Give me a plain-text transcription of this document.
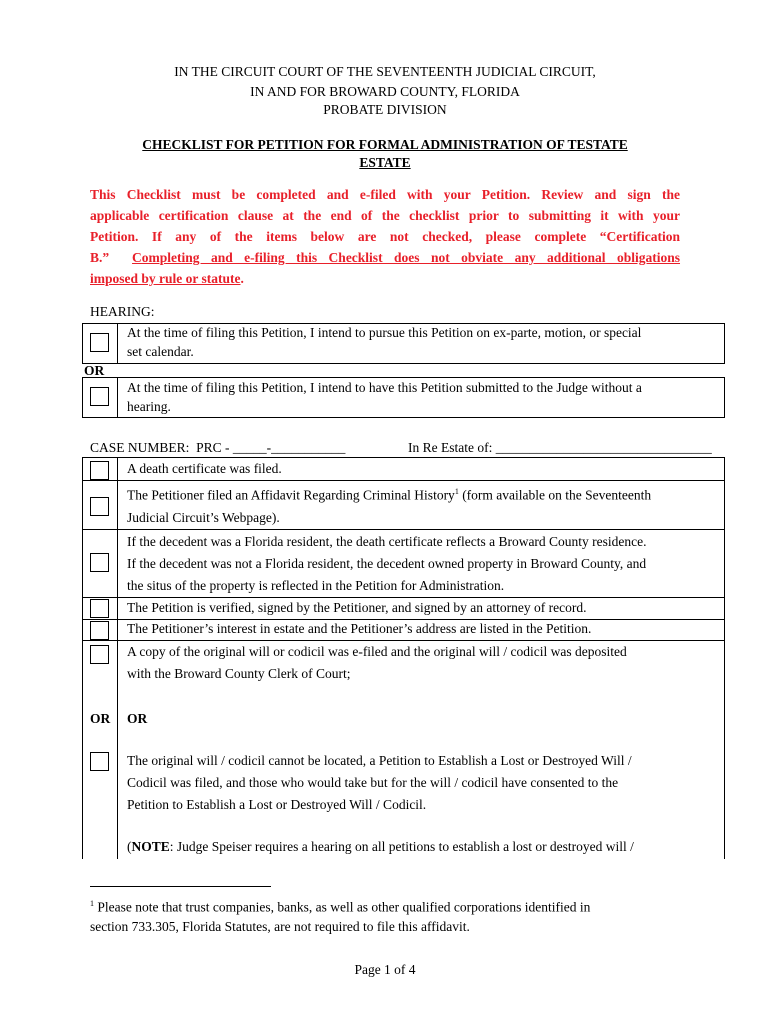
IN THE CIRCUIT COURT OF THE SEVENTEENTH JUDICIAL CIRCUIT,
IN AND FOR BROWARD COUNTY, FLORIDA
PROBATE DIVISION
CHECKLIST FOR PETITION FOR FORMAL ADMINISTRATION OF TESTATE
ESTATE
This Checklist must be completed and e-filed with your Petition. Review and sign the
applicable certification clause at the end of the checklist prior to submitting it with your
Petition. If any of the items below are not checked, please complete “Certification
B.” Completing and e-filing this Checklist does not obviate any additional obligations
imposed by rule or statute.
HEARING:
At the time of filing this Petition, I intend to pursue this Petition on ex-parte, motion, or special
set calendar.
OR
At the time of filing this Petition, I intend to have this Petition submitted to the Judge without a
hearing.
CASE NUMBER:  PRC - _____-___________	In Re Estate of: ________________________________
A death certificate was filed.
The Petitioner filed an Affidavit Regarding Criminal History$^1$ (form available on the Seventeenth
Judicial Circuit’s Webpage).
If the decedent was a Florida resident, the death certificate reflects a Broward County residence.
If the decedent was not a Florida resident, the decedent owned property in Broward County, and
the situs of the property is reflected in the Petition for Administration.
The Petition is verified, signed by the Petitioner, and signed by an attorney of record.
The Petitioner’s interest in estate and the Petitioner’s address are listed in the Petition.
A copy of the original will or codicil was e-filed and the original will / codicil was deposited
with the Broward County Clerk of Court;
OR OR
The original will / codicil cannot be located, a Petition to Establish a Lost or Destroyed Will /
Codicil was filed, and those who would take but for the will / codicil have consented to the
Petition to Establish a Lost or Destroyed Will / Codicil.
(NOTE: Judge Speiser requires a hearing on all petitions to establish a lost or destroyed will /
$^1$ Please note that trust companies, banks, as well as other qualified corporations identified in
section 733.305, Florida Statutes, are not required to file this affidavit.
Page 1 of 4
